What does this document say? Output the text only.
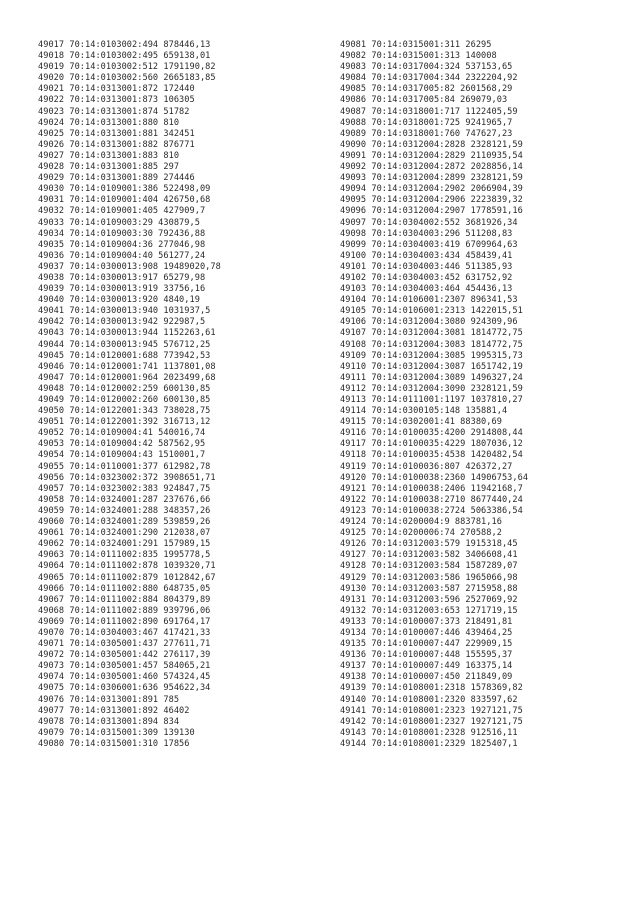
49017 70:14:0103002:494 878446,13
49018 70:14:0103002:495 659138,01
49019 70:14:0103002:512 1791190,82
49020 70:14:0103002:560 2665183,85
49021 70:14:0313001:872 172440
49022 70:14:0313001:873 106305
49023 70:14:0313001:874 51782
49024 70:14:0313001:880 810
49025 70:14:0313001:881 342451
49026 70:14:0313001:882 876771
49027 70:14:0313001:883 810
49028 70:14:0313001:885 297
49029 70:14:0313001:889 274446
49030 70:14:0109001:386 522498,09
49031 70:14:0109001:404 426750,68
49032 70:14:0109001:405 427909,7
49033 70:14:0109003:29 430879,5
49034 70:14:0109003:30 792436,88
49035 70:14:0109004:36 277046,98
49036 70:14:0109004:40 561277,24
49037 70:14:0300013:908 19489020,78
49038 70:14:0300013:917 65279,98
49039 70:14:0300013:919 33756,16
49040 70:14:0300013:920 4840,19
49041 70:14:0300013:940 1031937,5
49042 70:14:0300013:942 922987,5
49043 70:14:0300013:944 1152263,61
49044 70:14:0300013:945 576712,25
49045 70:14:0120001:688 773942,53
49046 70:14:0120001:741 1137801,08
49047 70:14:0120001:964 2023499,68
49048 70:14:0120002:259 600130,85
49049 70:14:0120002:260 600130,85
49050 70:14:0122001:343 738028,75
49051 70:14:0122001:392 316713,12
49052 70:14:0109004:41 540016,74
49053 70:14:0109004:42 587562,95
49054 70:14:0109004:43 1510001,7
49055 70:14:0110001:377 612982,78
49056 70:14:0323002:372 3908651,71
49057 70:14:0323002:383 924847,75
49058 70:14:0324001:287 237676,66
49059 70:14:0324001:288 348357,26
49060 70:14:0324001:289 539859,26
49061 70:14:0324001:290 212038,07
49062 70:14:0324001:291 157989,15
49063 70:14:0111002:835 1995778,5
49064 70:14:0111002:878 1039320,71
49065 70:14:0111002:879 1012842,67
49066 70:14:0111002:880 648735,05
49067 70:14:0111002:884 804379,89
49068 70:14:0111002:889 939796,06
49069 70:14:0111002:890 691764,17
49070 70:14:0304003:467 417421,33
49071 70:14:0305001:437 277611,71
49072 70:14:0305001:442 276117,39
49073 70:14:0305001:457 584065,21
49074 70:14:0305001:460 574324,45
49075 70:14:0306001:636 954622,34
49076 70:14:0313001:891 785
49077 70:14:0313001:892 46402
49078 70:14:0313001:894 834
49079 70:14:0315001:309 139130
49080 70:14:0315001:310 17856
49081 70:14:0315001:311 26295
49082 70:14:0315001:313 140008
49083 70:14:0317004:324 537153,65
49084 70:14:0317004:344 2322204,92
49085 70:14:0317005:82 2601568,29
49086 70:14:0317005:84 269079,03
49087 70:14:0318001:717 1122405,59
49088 70:14:0318001:725 9241965,7
49089 70:14:0318001:760 747627,23
49090 70:14:0312004:2828 2328121,59
49091 70:14:0312004:2829 2110935,54
49092 70:14:0312004:2872 2028856,14
49093 70:14:0312004:2899 2328121,59
49094 70:14:0312004:2902 2066904,39
49095 70:14:0312004:2906 2223839,32
49096 70:14:0312004:2907 1778591,16
49097 70:14:0304002:552 3681926,34
49098 70:14:0304003:296 511208,83
49099 70:14:0304003:419 6709964,63
49100 70:14:0304003:434 458439,41
49101 70:14:0304003:446 511385,93
49102 70:14:0304003:452 631752,92
49103 70:14:0304003:464 454436,13
49104 70:14:0106001:2307 896341,53
49105 70:14:0106001:2313 1422015,51
49106 70:14:0312004:3080 924309,96
49107 70:14:0312004:3081 1814772,75
49108 70:14:0312004:3083 1814772,75
49109 70:14:0312004:3085 1995315,73
49110 70:14:0312004:3087 1651742,19
49111 70:14:0312004:3089 1496327,24
49112 70:14:0312004:3090 2328121,59
49113 70:14:0111001:1197 1037810,27
49114 70:14:0300105:148 135881,4
49115 70:14:0302001:41 88380,69
49116 70:14:0100035:4200 2914808,44
49117 70:14:0100035:4229 1807036,12
49118 70:14:0100035:4538 1420482,54
49119 70:14:0100036:807 426372,27
49120 70:14:0100038:2360 14906753,64
49121 70:14:0100038:2406 11942168,7
49122 70:14:0100038:2710 8677440,24
49123 70:14:0100038:2724 5063386,54
49124 70:14:0200004:9 883781,16
49125 70:14:0200006:74 270588,2
49126 70:14:0312003:579 1915318,45
49127 70:14:0312003:582 3406608,41
49128 70:14:0312003:584 1587289,07
49129 70:14:0312003:586 1965066,98
49130 70:14:0312003:587 2715958,88
49131 70:14:0312003:596 2527069,92
49132 70:14:0312003:653 1271719,15
49133 70:14:0100007:373 218491,81
49134 70:14:0100007:446 439464,25
49135 70:14:0100007:447 229909,15
49136 70:14:0100007:448 155595,37
49137 70:14:0100007:449 163375,14
49138 70:14:0100007:450 211849,09
49139 70:14:0108001:2318 1578369,82
49140 70:14:0108001:2320 833597,62
49141 70:14:0108001:2323 1927121,75
49142 70:14:0108001:2327 1927121,75
49143 70:14:0108001:2328 912516,11
49144 70:14:0108001:2329 1825407,1
